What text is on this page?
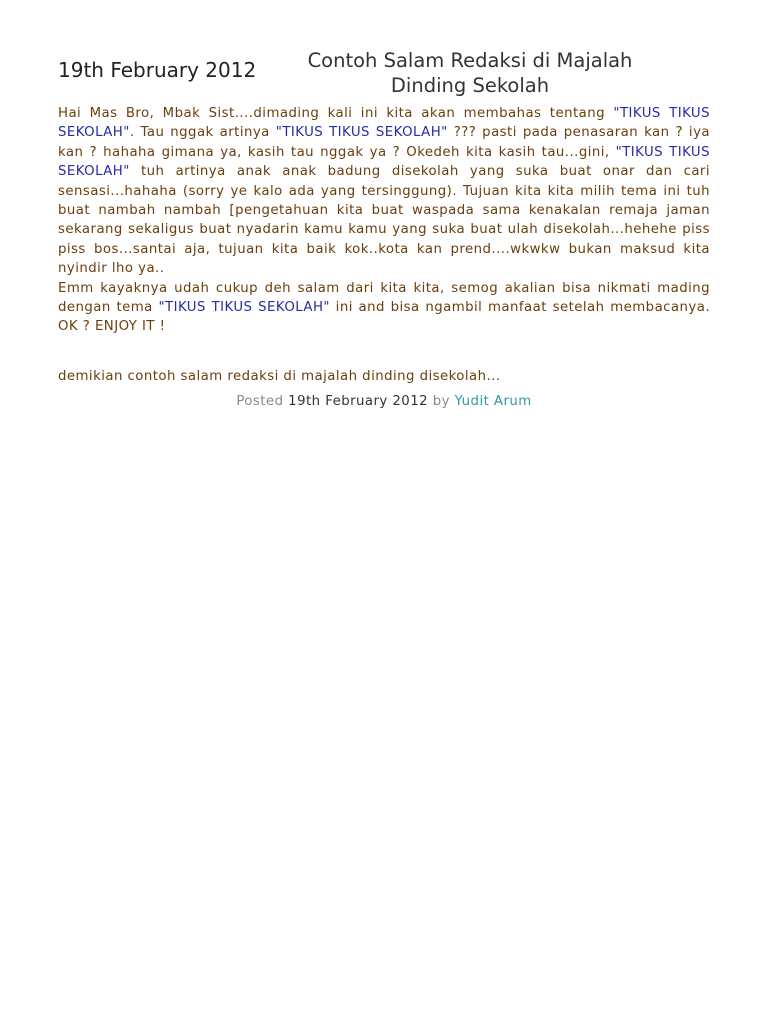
19th February 2012	Contoh Salam Redaksi di Majalah
Dinding Sekolah

Hai Mas Bro, Mbak Sist....dimading kali ini kita akan membahas tentang "TIKUS TIKUS SEKOLAH". Tau nggak artinya "TIKUS TIKUS SEKOLAH" ??? pasti pada penasaran kan ? iya kan ? hahaha gimana ya, kasih tau nggak ya ? Okedeh kita kasih tau...gini, "TIKUS TIKUS SEKOLAH" tuh artinya anak anak badung disekolah yang suka buat onar dan cari sensasi...hahaha (sorry ye kalo ada yang tersinggung). Tujuan kita kita milih tema ini tuh buat nambah nambah [pengetahuan kita buat waspada sama kenakalan remaja jaman sekarang sekaligus buat nyadarin kamu kamu yang suka buat ulah disekolah...hehehe piss piss bos...santai aja, tujuan kita baik kok..kota kan prend....wkwkw bukan maksud kita nyindir lho ya..

Emm kayaknya udah cukup deh salam dari kita kita, semog akalian bisa nikmati mading dengan tema "TIKUS TIKUS SEKOLAH" ini and bisa ngambil manfaat setelah membacanya. OK ? ENJOY IT !

demikian contoh salam redaksi di majalah dinding disekolah...
Posted 19th February 2012 by Yudit Arum
